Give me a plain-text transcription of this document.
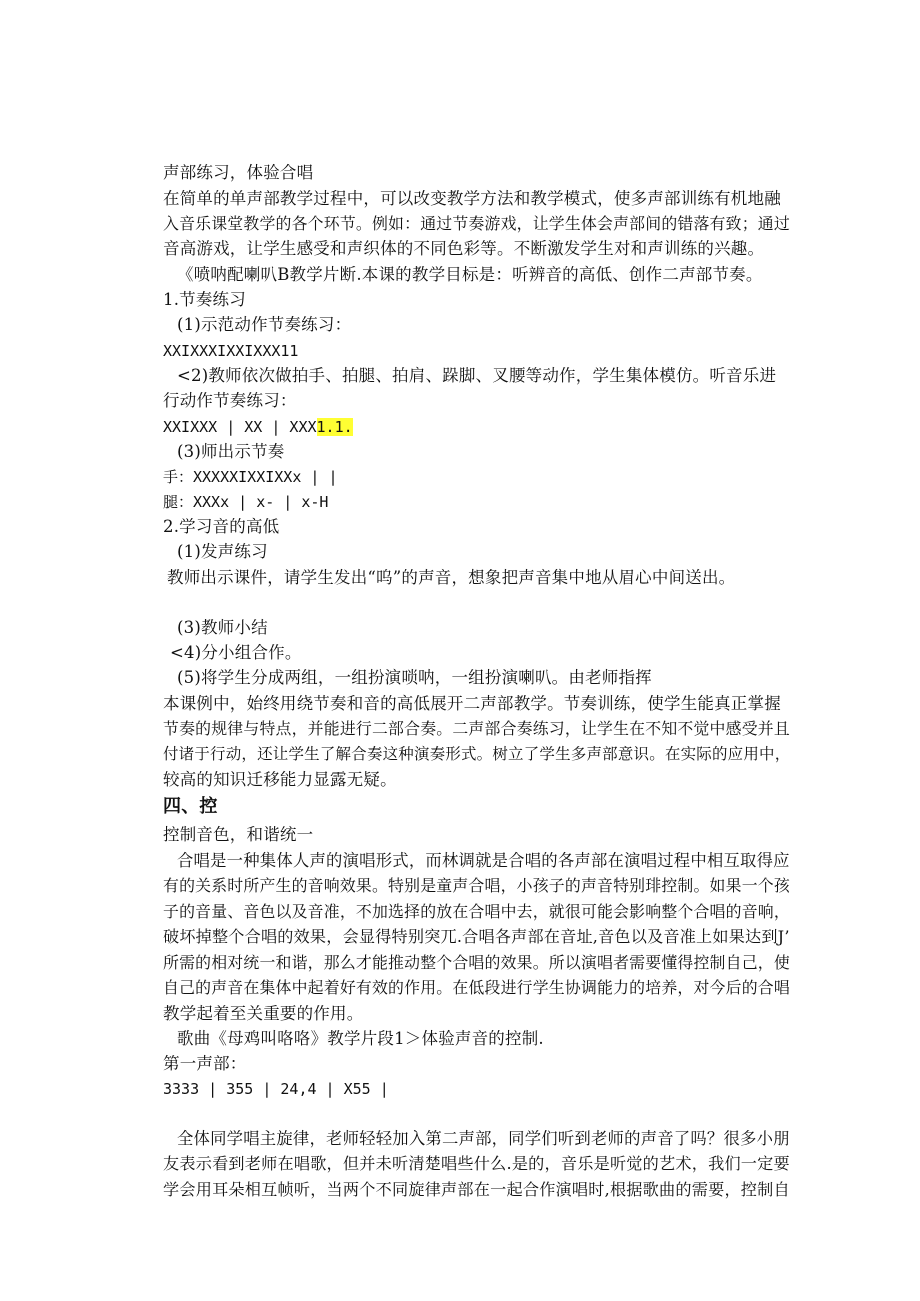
声部练习，体验合唱
在简单的单声部教学过程中，可以改变教学方法和教学模式，使多声部训练有机地融
入音乐课堂教学的各个环节。例如：通过节奏游戏，让学生体会声部间的错落有致；通过
音高游戏，让学生感受和声织体的不同色彩等。不断激发学生对和声训练的兴趣。
《喷呐配喇叭B教学片断.本课的教学目标是：听辨音的高低、创作二声部节奏。
1.节奏练习
(1)示范动作节奏练习：
XXIXXXIXXIXXX11
<2)教师依次做拍手、拍腿、拍肩、跺脚、叉腰等动作，学生集体模仿。听音乐进
行动作节奏练习：
XXIXXX | XX | XXX1.1.
(3)师出示节奏
手：XXXXXIXXIXXx | |
腿：XXXx | x- | x-H
2.学习音的高低
(1)发声练习
教师出示课件，请学生发出“呜”的声音，想象把声音集中地从眉心中间送出。
(3)教师小结
<4)分小组合作。
(5)将学生分成两组，一组扮演唢呐，一组扮演喇叭。由老师指挥
本课例中，始终用绕节奏和音的高低展开二声部教学。节奏训练，使学生能真正掌握
节奏的规律与特点，并能进行二部合奏。二声部合奏练习，让学生在不知不觉中感受并且
付诸于行动，还让学生了解合奏这种演奏形式。树立了学生多声部意识。在实际的应用中，
较高的知识迁移能力显露无疑。
四、控
控制音色，和谐统一
合唱是一种集体人声的演唱形式，而林调就是合唱的各声部在演唱过程中相互取得应
有的关系时所产生的音响效果。特别是童声合唱，小孩子的声音特别琲控制。如果一个孩
子的音量、音色以及音准，不加选择的放在合唱中去，就很可能会影响整个合唱的音响，
破坏掉整个合唱的效果，会显得特别突兀.合唱各声部在音址,音色以及音准上如果达到J’
所需的相对统一和谐，那么才能推动整个合唱的效果。所以演唱者需要懂得控制自己，使
自己的声音在集体中起着好有效的作用。在低段进行学生协调能力的培养，对今后的合唱
教学起着至关重要的作用。
歌曲《母鸡叫咯咯》教学片段1＞体验声音的控制.
第一声部：
3333 | 355 | 24,4 | X55 |
全体同学唱主旋律，老师轻轻加入第二声部，同学们听到老师的声音了吗？很多小朋
友表示看到老师在唱歌，但并未听清楚唱些什么.是的，音乐是听觉的艺术，我们一定要
学会用耳朵相互帧听，当两个不同旋律声部在一起合作演唱时,根据歌曲的需要，控制自
